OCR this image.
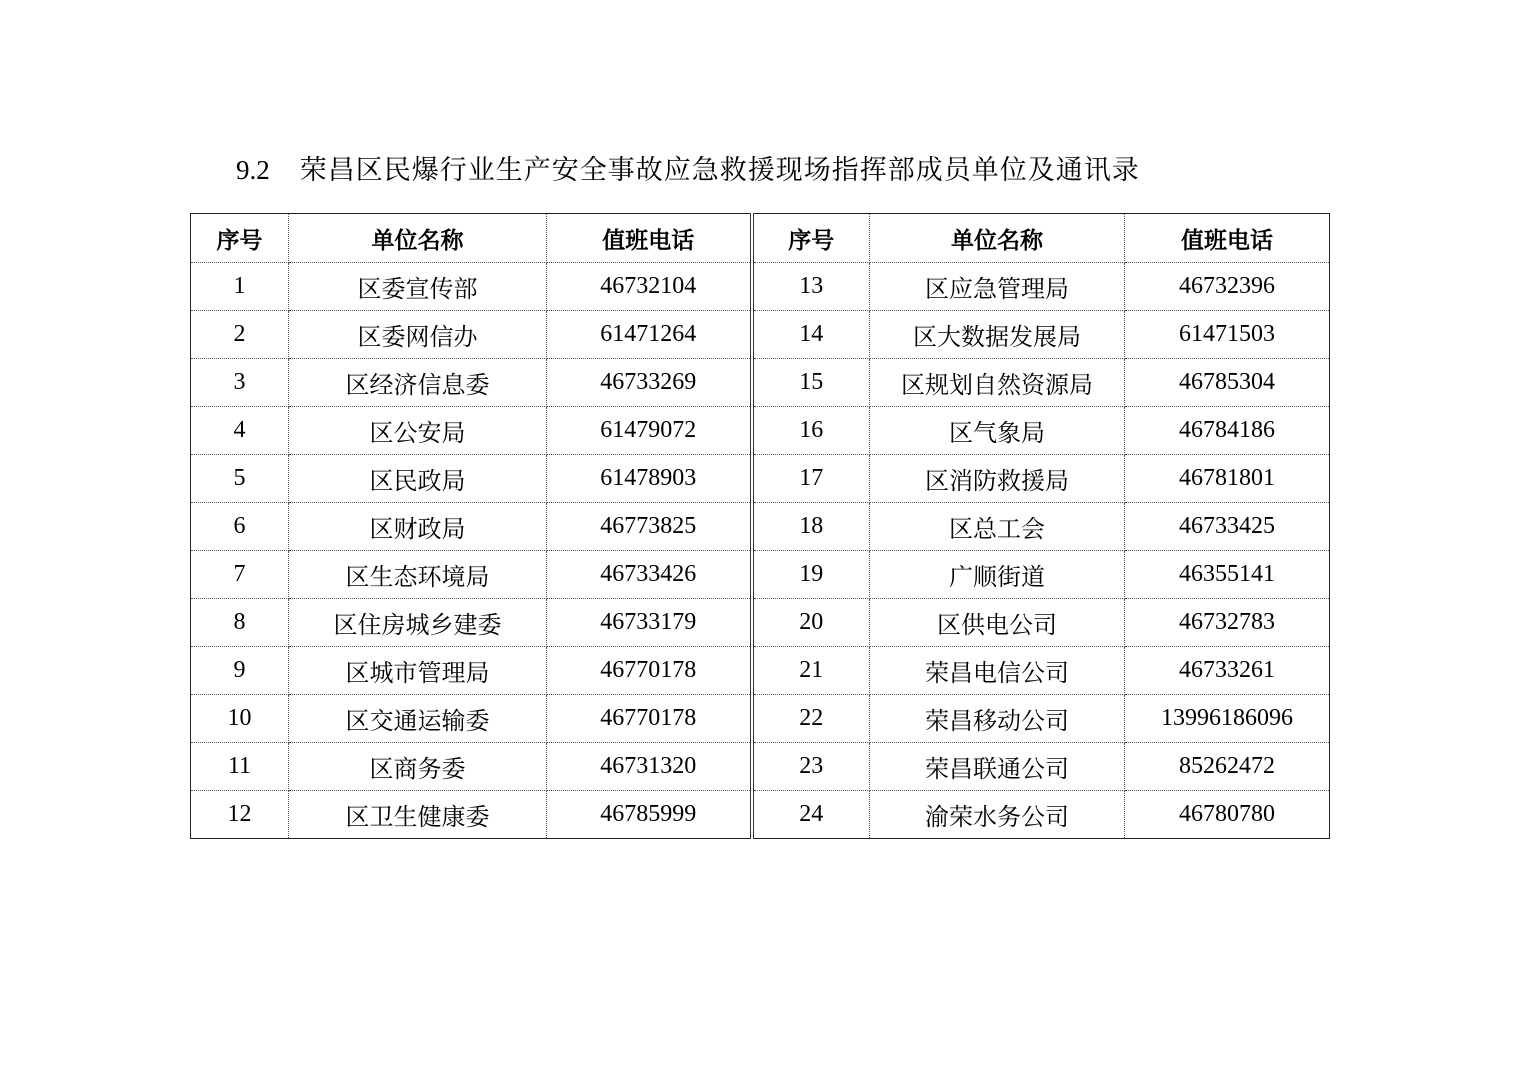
9.2 荣昌区民爆行业生产安全事故应急救援现场指挥部成员单位及通讯录
序号	单位名称	值班电话	序号	单位名称	值班电话
1	区委宣传部	46732104	13	区应急管理局	46732396
2	区委网信办	61471264	14	区大数据发展局	61471503
3	区经济信息委	46733269	15	区规划自然资源局	46785304
4	区公安局	61479072	16	区气象局	46784186
5	区民政局	61478903	17	区消防救援局	46781801
6	区财政局	46773825	18	区总工会	46733425
7	区生态环境局	46733426	19	广顺街道	46355141
8	区住房城乡建委	46733179	20	区供电公司	46732783
9	区城市管理局	46770178	21	荣昌电信公司	46733261
10	区交通运输委	46770178	22	荣昌移动公司	13996186096
11	区商务委	46731320	23	荣昌联通公司	85262472
12	区卫生健康委	46785999	24	渝荣水务公司	46780780
